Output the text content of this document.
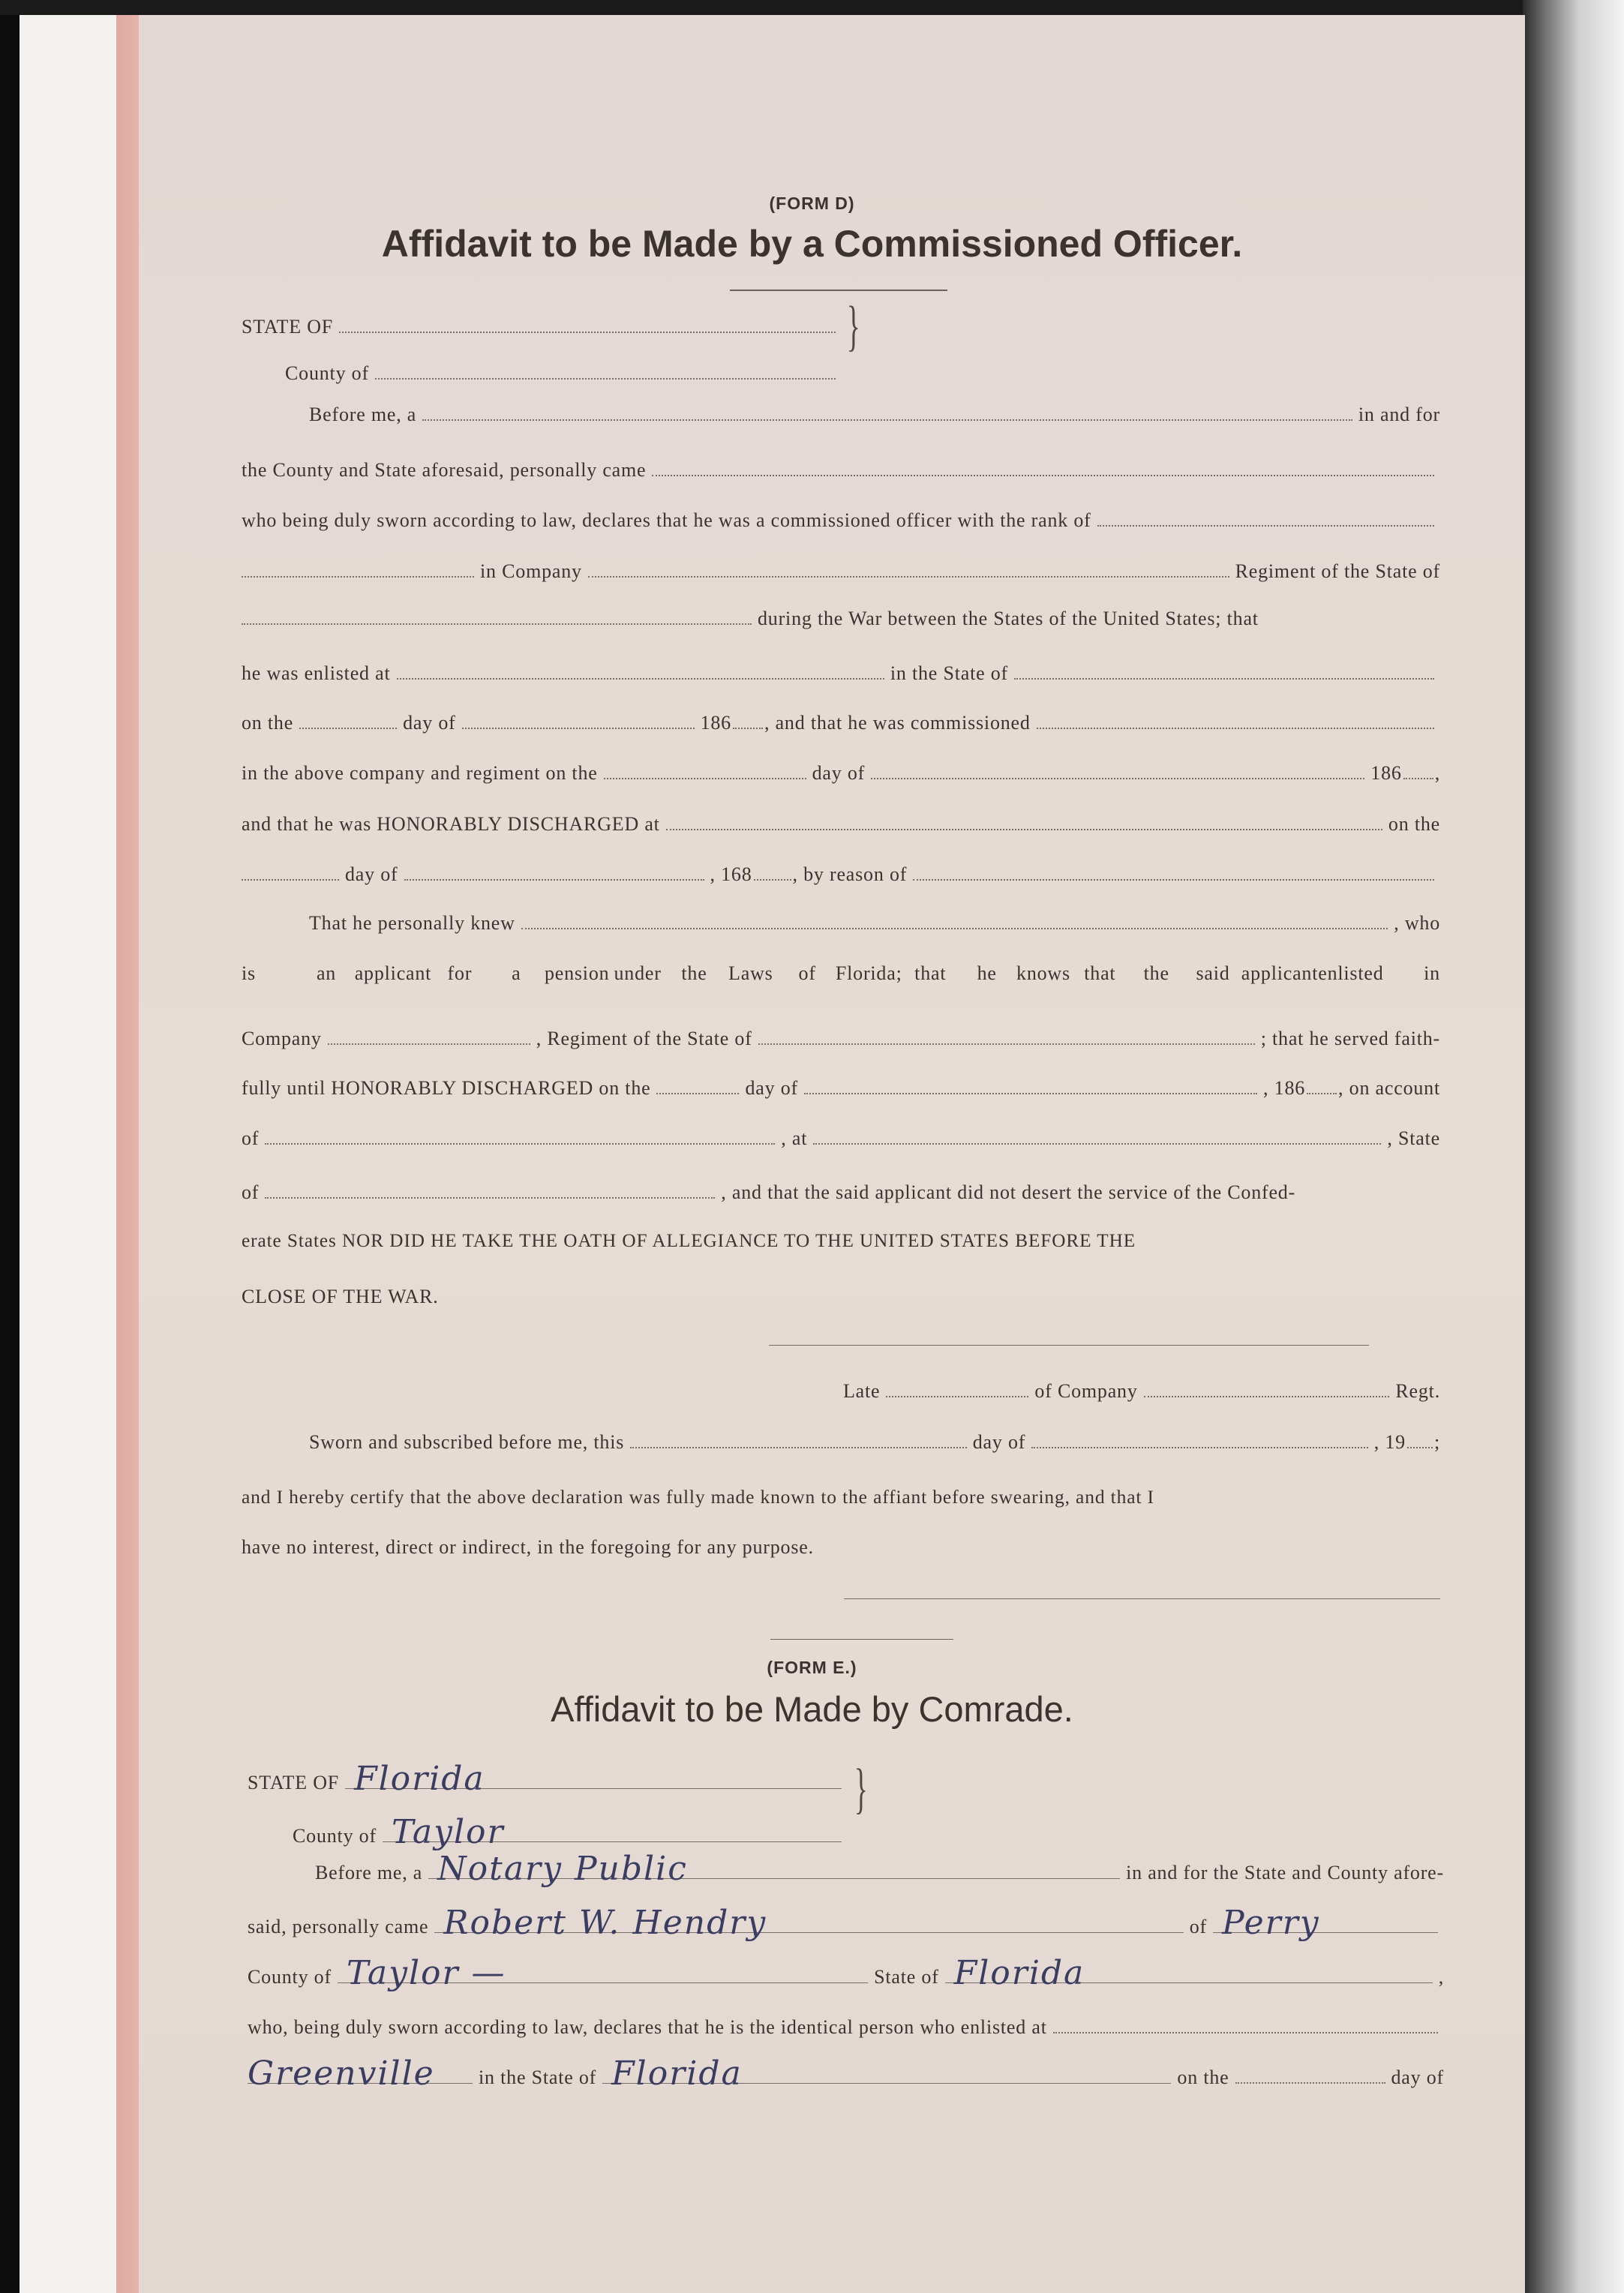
(FORM D)
Affidavit to be Made by a Commissioned Officer.
STATE OF
County of
}
Before me, a	in and for
the County and State aforesaid, personally came
who being duly sworn according to law, declares that he was a commissioned officer with the rank of
in Company	Regiment of the State of
during the War between the States of the United States; that
he was enlisted at	in the State of
on the	day of	186 , and that he was commissioned
in the above company and regiment on the	day of	186 ,
and that he was HONORABLY DISCHARGED at	on the
day of	, 168 , by reason of
That he personally knew	, who
is	an applicant for	a	pension under	the	Laws	of	Florida; that	he	knows that	the	said applicant enlisted	in
Company	, Regiment of the State of	; that he served faith-
fully until HONORABLY DISCHARGED on the	day of	, 186 , on account
of	, at	, State
of	, and that the said applicant did not desert the service of the Confed-
erate States NOR DID HE TAKE THE OATH OF ALLEGIANCE TO THE UNITED STATES BEFORE THE
CLOSE OF THE WAR.
Late	of Company	Regt.
Sworn and subscribed before me, this	day of	, 19 ;
and I hereby certify that the above declaration was fully made known to the affiant before swearing, and that I
have no interest, direct or indirect, in the foregoing for any purpose.
(FORM E.)
Affidavit to be Made by Comrade.
STATE OF Florida
County of Taylor
}
Before me, a Notary Public	in and for the State and County afore-
said, personally came Robert W. Hendry	of Perry
County of Taylor —	State of Florida	,
who, being duly sworn according to law, declares that he is the identical person who enlisted at
Greenville in the State of Florida	on the	day of
